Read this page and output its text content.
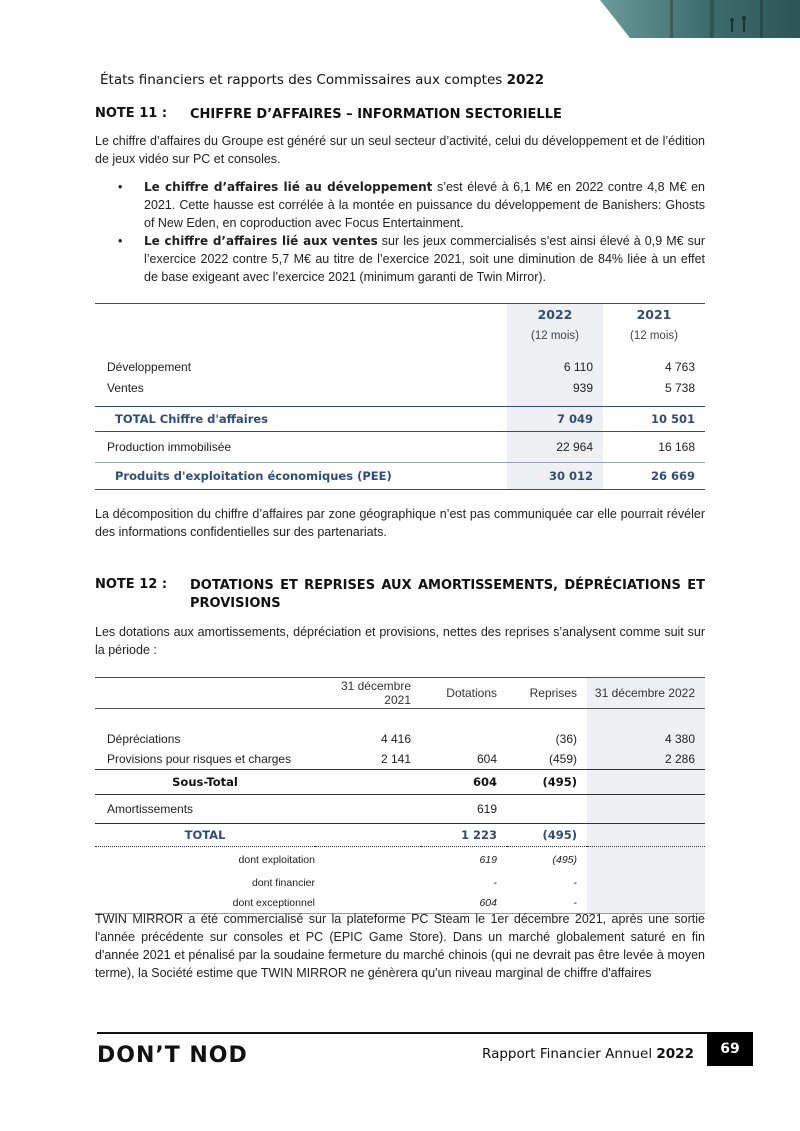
États financiers et rapports des Commissaires aux comptes 2022
NOTE 11 : CHIFFRE D’AFFAIRES – INFORMATION SECTORIELLE
Le chiffre d’affaires du Groupe est généré sur un seul secteur d’activité, celui du développement et de l’édition de jeux vidéo sur PC et consoles.
• Le chiffre d’affaires lié au développement s’est élevé à 6,1 M€ en 2022 contre 4,8 M€ en 2021. Cette hausse est corrélée à la montée en puissance du développement de Banishers: Ghosts of New Eden, en coproduction avec Focus Entertainment.
• Le chiffre d’affaires lié aux ventes sur les jeux commercialisés s’est ainsi élevé à 0,9 M€ sur l’exercice 2022 contre 5,7 M€ au titre de l’exercice 2021, soit une diminution de 84% liée à un effet de base exigeant avec l’exercice 2021 (minimum garanti de Twin Mirror).
	2022	2021
	(12 mois)	(12 mois)

Développement	6 110	4 763
Ventes	939	5 738

TOTAL Chiffre d'affaires	7 049	10 501
Production immobilisée	22 964	16 168
Produits d'exploitation économiques (PEE)	30 012	26 669
La décomposition du chiffre d’affaires par zone géographique n’est pas communiquée car elle pourrait révéler des informations confidentielles sur des partenariats.
NOTE 12 : DOTATIONS ET REPRISES AUX AMORTISSEMENTS, DÉPRÉCIATIONS ET
PROVISIONS
Les dotations aux amortissements, dépréciation et provisions, nettes des reprises s’analysent comme suit sur la période :
	31 décembre 2021	Dotations	Reprises	31 décembre 2022

Dépréciations	4 416		(36)	4 380
Provisions pour risques et charges	2 141	604	(459)	2 286
Sous-Total		604	(495)	
Amortissements		619		
TOTAL		1 223	(495)	
dont exploitation		619	(495)	
dont financier		-	-	
dont exceptionnel		604	-	
TWIN MIRROR a été commercialisé sur la plateforme PC Steam le 1er décembre 2021, après une sortie l'année précédente sur consoles et PC (EPIC Game Store). Dans un marché globalement saturé en fin d'année 2021 et pénalisé par la soudaine fermeture du marché chinois (qui ne devrait pas être levée à moyen terme), la Société estime que TWIN MIRROR ne génèrera qu'un niveau marginal de chiffre d'affaires
DON’T NOD	Rapport Financier Annuel 2022	69
